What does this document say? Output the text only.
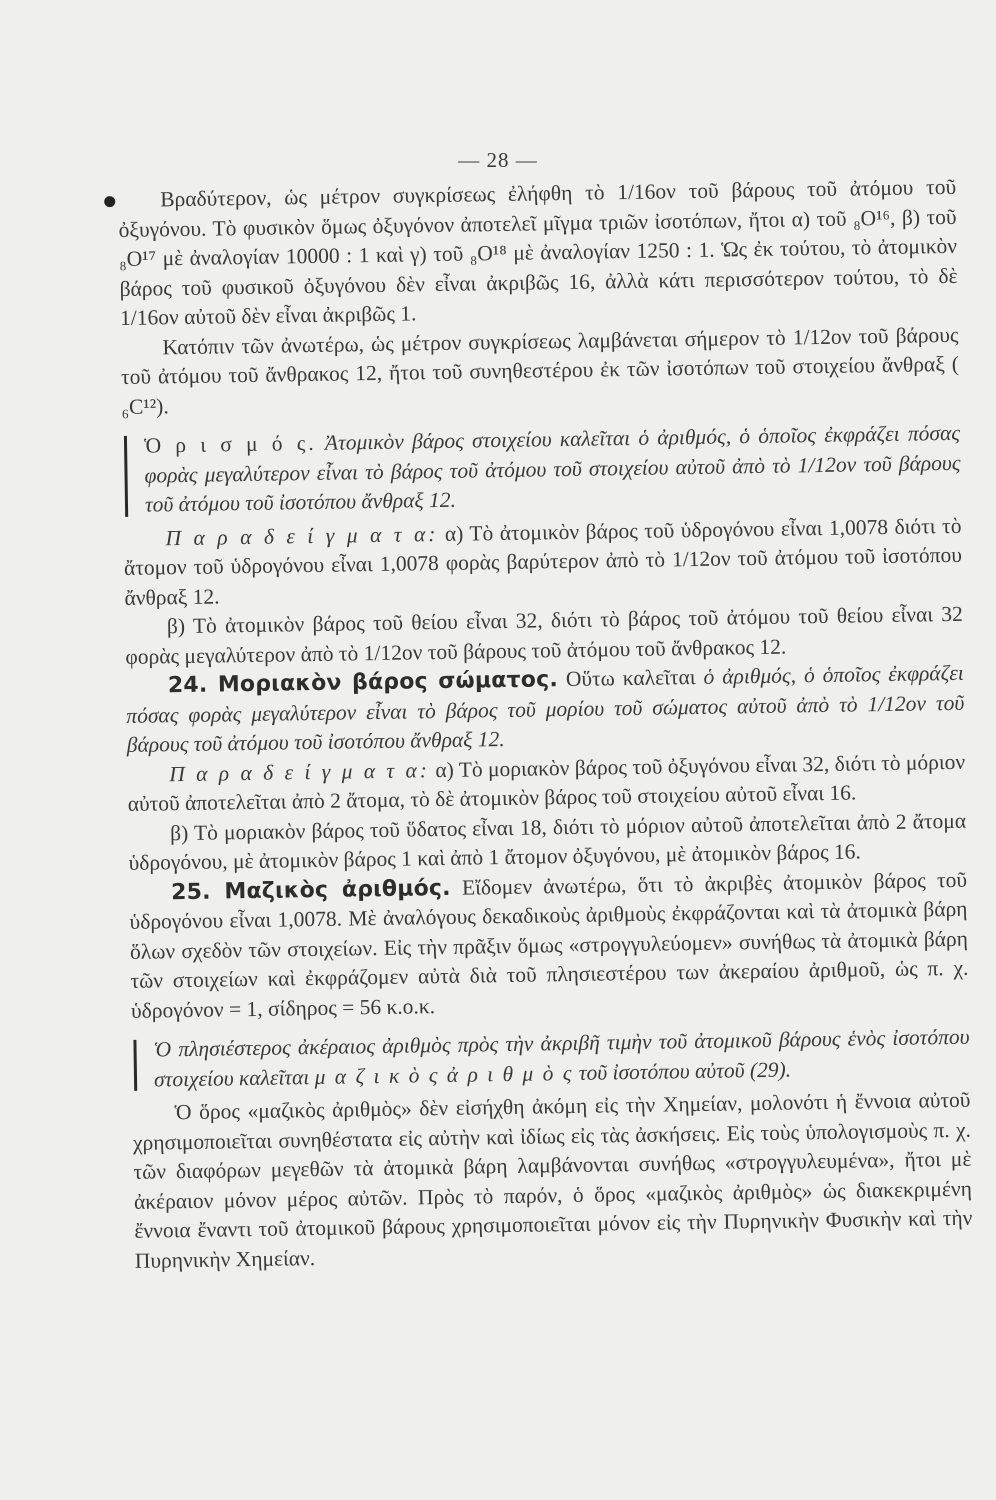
— 28 —

Βραδύτερον, ὡς μέτρον συγκρίσεως ἐλήφθη τὸ 1/16ον τοῦ βάρους τοῦ ἀτόμου τοῦ ὀξυγόνου. Τὸ φυσικὸν ὅμως ὀξυγόνον ἀποτελεῖ μῖγμα τριῶν ἰσοτόπων, ἤτοι α) τοῦ ₈O¹⁶, β) τοῦ ₈O¹⁷ μὲ ἀναλογίαν 10000 : 1 καὶ γ) τοῦ ₈O¹⁸ μὲ ἀναλογίαν 1250 : 1. Ὡς ἐκ τούτου, τὸ ἀτομικὸν βάρος τοῦ φυσικοῦ ὀξυγόνου δὲν εἶναι ἀκριβῶς 16, ἀλλὰ κάτι περισσότερον τούτου, τὸ δὲ 1/16ον αὐτοῦ δὲν εἶναι ἀκριβῶς 1.

Κατόπιν τῶν ἀνωτέρω, ὡς μέτρον συγκρίσεως λαμβάνεται σήμερον τὸ 1/12ον τοῦ βάρους τοῦ ἀτόμου τοῦ ἄνθρακος 12, ἤτοι τοῦ συνηθεστέρου ἐκ τῶν ἰσοτόπων τοῦ στοιχείου ἄνθραξ ( ₆C¹²).

Ὁ ρ ι σ μ ό ς. Ἀτομικὸν βάρος στοιχείου καλεῖται ὁ ἀριθμός, ὁ ὁποῖος ἐκφράζει πόσας φορὰς μεγαλύτερον εἶναι τὸ βάρος τοῦ ἀτόμου τοῦ στοιχείου αὐτοῦ ἀπὸ τὸ 1/12ον τοῦ βάρους τοῦ ἀτόμου τοῦ ἰσοτόπου ἄνθραξ 12.

Π α ρ α δ ε ί γ μ α τ α: α) Τὸ ἀτομικὸν βάρος τοῦ ὑδρογόνου εἶναι 1,0078 διότι τὸ ἄτομον τοῦ ὑδρογόνου εἶναι 1,0078 φορὰς βαρύτερον ἀπὸ τὸ 1/12ον τοῦ ἀτόμου τοῦ ἰσοτόπου ἄνθραξ 12.

β) Τὸ ἀτομικὸν βάρος τοῦ θείου εἶναι 32, διότι τὸ βάρος τοῦ ἀτόμου τοῦ θείου εἶναι 32 φορὰς μεγαλύτερον ἀπὸ τὸ 1/12ον τοῦ βάρους τοῦ ἀτόμου τοῦ ἄνθρακος 12.

24. Μοριακὸν βάρος σώματος. Οὕτω καλεῖται ὁ ἀριθμός, ὁ ὁποῖος ἐκφράζει πόσας φορὰς μεγαλύτερον εἶναι τὸ βάρος τοῦ μορίου τοῦ σώματος αὐτοῦ ἀπὸ τὸ 1/12ον τοῦ βάρους τοῦ ἀτόμου τοῦ ἰσοτόπου ἄνθραξ 12.

Π α ρ α δ ε ί γ μ α τ α: α) Τὸ μοριακὸν βάρος τοῦ ὀξυγόνου εἶναι 32, διότι τὸ μόριον αὐτοῦ ἀποτελεῖται ἀπὸ 2 ἄτομα, τὸ δὲ ἀτομικὸν βάρος τοῦ στοιχείου αὐτοῦ εἶναι 16.

β) Τὸ μοριακὸν βάρος τοῦ ὕδατος εἶναι 18, διότι τὸ μόριον αὐτοῦ ἀποτελεῖται ἀπὸ 2 ἄτομα ὑδρογόνου, μὲ ἀτομικὸν βάρος 1 καὶ ἀπὸ 1 ἄτομον ὀξυγόνου, μὲ ἀτομικὸν βάρος 16.

25. Μαζικὸς ἀριθμός. Εἴδομεν ἀνωτέρω, ὅτι τὸ ἀκριβὲς ἀτομικὸν βάρος τοῦ ὑδρογόνου εἶναι 1,0078. Μὲ ἀναλόγους δεκαδικοὺς ἀριθμοὺς ἐκφράζονται καὶ τὰ ἀτομικὰ βάρη ὅλων σχεδὸν τῶν στοιχείων. Εἰς τὴν πρᾶξιν ὅμως «στρογγυλεύομεν» συνήθως τὰ ἀτομικὰ βάρη τῶν στοιχείων καὶ ἐκφράζομεν αὐτὰ διὰ τοῦ πλησιεστέρου των ἀκεραίου ἀριθμοῦ, ὡς π. χ. ὑδρογόνον = 1, σίδηρος = 56 κ.ο.κ.

Ὁ πλησιέστερος ἀκέραιος ἀριθμὸς πρὸς τὴν ἀκριβῆ τιμὴν τοῦ ἀτομικοῦ βάρους ἑνὸς ἰσοτόπου στοιχείου καλεῖται μ α ζ ι κ ὸ ς ἀ ρ ι θ μ ὸ ς τοῦ ἰσοτόπου αὐτοῦ (29).

Ὁ ὅρος «μαζικὸς ἀριθμὸς» δὲν εἰσήχθη ἀκόμη εἰς τὴν Χημείαν, μολονότι ἡ ἔννοια αὐτοῦ χρησιμοποιεῖται συνηθέστατα εἰς αὐτὴν καὶ ἰδίως εἰς τὰς ἀσκήσεις. Εἰς τοὺς ὑπολογισμοὺς π. χ. τῶν διαφόρων μεγεθῶν τὰ ἀτομικὰ βάρη λαμβάνονται συνήθως «στρογγυλευμένα», ἤτοι μὲ ἀκέραιον μόνον μέρος αὐτῶν. Πρὸς τὸ παρόν, ὁ ὅρος «μαζικὸς ἀριθμὸς» ὡς διακεκριμένη ἔννοια ἔναντι τοῦ ἀτομικοῦ βάρους χρησιμοποιεῖται μόνον εἰς τὴν Πυρηνικὴν Φυσικὴν καὶ τὴν Πυρηνικὴν Χημείαν.
